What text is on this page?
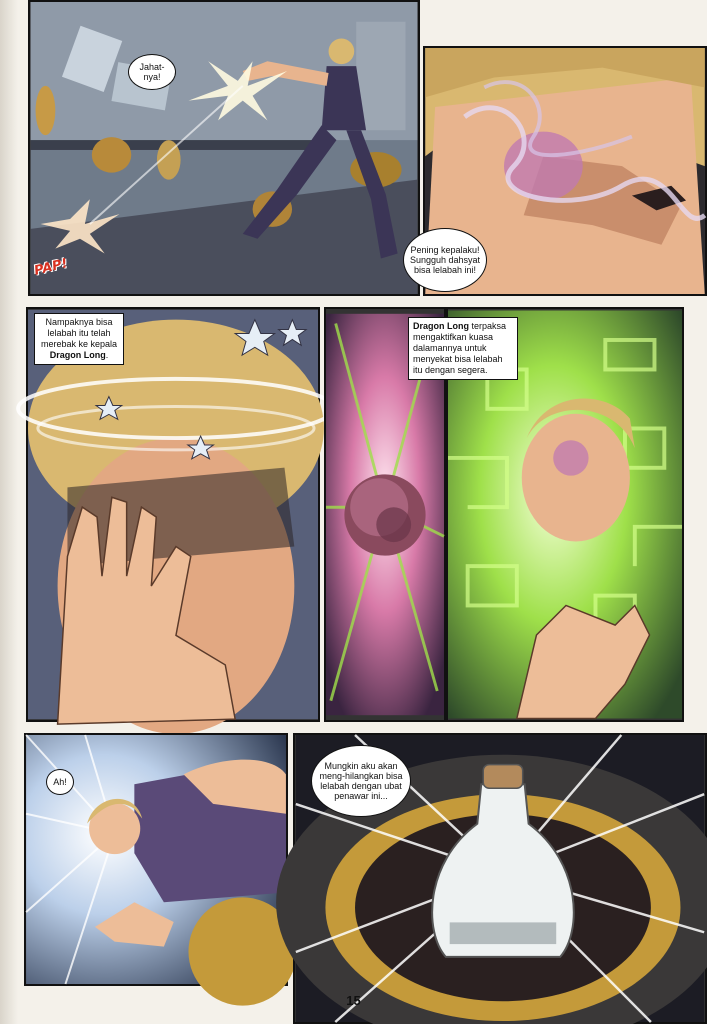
Jahat-nya!
PAP!
Pening kepalaku! Sungguh dahsyat bisa lelabah ini!
Nampaknya bisa lelabah itu telah merebak ke kepala Dragon Long.
Dragon Long terpaksa mengaktifkan kuasa dalamannya untuk menyekat bisa lelabah itu dengan segera.
Ah!
Mungkin aku akan meng-hilangkan bisa lelabah dengan ubat penawar ini...
15
